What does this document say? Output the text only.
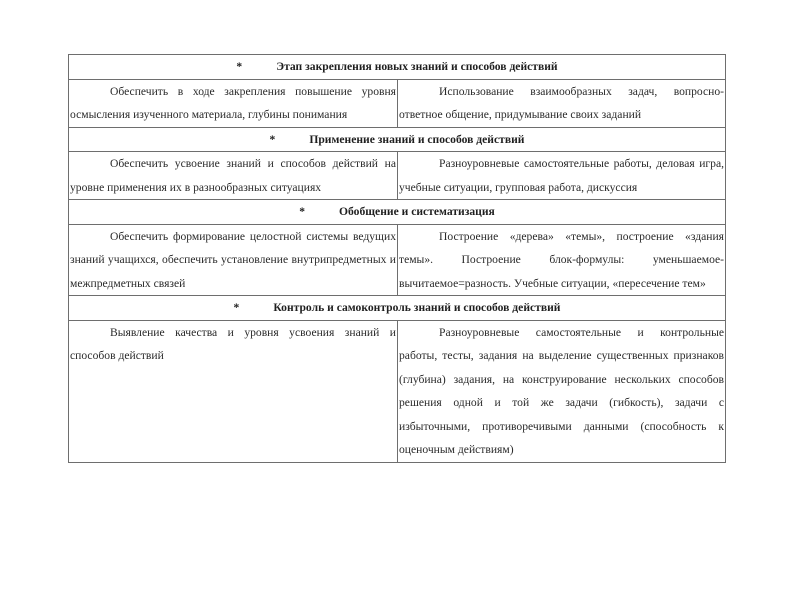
* Этап закрепления новых знаний и способов действий	

Обеспечить в ходе закрепления повышение уровня осмысления изученного материала, глубины понимания	Использование взаимообразных задач, вопросно-ответное общение, придумывание своих заданий

* Применение знаний и способов действий	

Обеспечить усвоение знаний и способов действий на уровне применения их в разнообразных ситуациях	Разноуровневые самостоятельные работы, деловая игра, учебные ситуации, групповая работа, дискуссия

* Обобщение и систематизация	

Обеспечить формирование целостной системы ведущих знаний учащихся, обеспечить установление внутрипредметных и межпредметных связей	Построение «дерева» «темы», построение «здания темы». Построение блок-формулы: уменьшаемое-вычитаемое=разность. Учебные ситуации, «пересечение тем»

* Контроль и самоконтроль знаний и способов действий	

Выявление качества и уровня усвоения знаний и способов действий	Разноуровневые самостоятельные и контрольные работы, тесты, задания на выделение существенных признаков (глубина) задания, на конструирование нескольких способов решения одной и той же задачи (гибкость), задачи с избыточными, противоречивыми данными (способность к оценочным действиям)
